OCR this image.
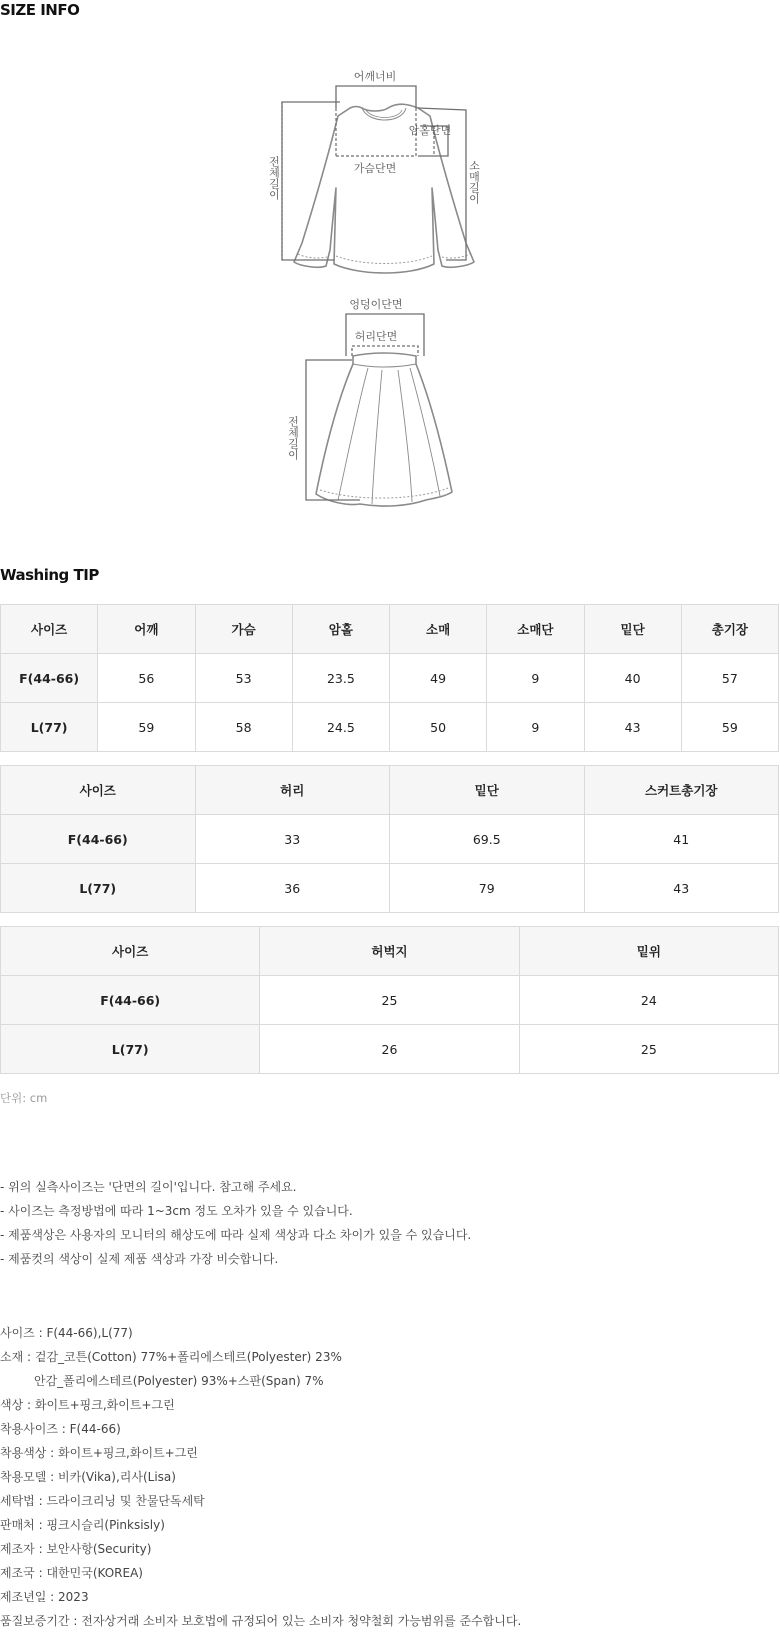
SIZE INFO
어깨너비
암홀단면
가슴단면
전체길이	소매길이
엉덩이단면
허리단면
전체길이
Washing TIP
사이즈	어깨	가슴	암홀	소매	소매단	밑단	총기장
F(44-66)	56	53	23.5	49	9	40	57
L(77)	59	58	24.5	50	9	43	59
사이즈	허리	밑단	스커트총기장
F(44-66)	33	69.5	41
L(77)	36	79	43
사이즈	허벅지	밑위
F(44-66)	25	24
L(77)	26	25
단위: cm
- 위의 실측사이즈는 '단면의 길이'입니다. 참고해 주세요.
- 사이즈는 측정방법에 따라 1~3cm 정도 오차가 있을 수 있습니다.
- 제품색상은 사용자의 모니터의 해상도에 따라 실제 색상과 다소 차이가 있을 수 있습니다.
- 제품컷의 색상이 실제 제품 색상과 가장 비슷합니다.
사이즈 : F(44-66),L(77)
소재 : 겉감_코튼(Cotton) 77%+폴리에스테르(Polyester) 23%
안감_폴리에스테르(Polyester) 93%+스판(Span) 7%
색상 : 화이트+핑크,화이트+그린
착용사이즈 : F(44-66)
착용색상 : 화이트+핑크,화이트+그린
착용모델 : 비카(Vika),리사(Lisa)
세탁법 : 드라이크리닝 및 찬물단독세탁
판매처 : 핑크시슬리(Pinksisly)
제조자 : 보안사항(Security)
제조국 : 대한민국(KOREA)
제조년일 : 2023
품질보증기간 : 전자상거래 소비자 보호법에 규정되어 있는 소비자 청약철회 가능범위를 준수합니다.
